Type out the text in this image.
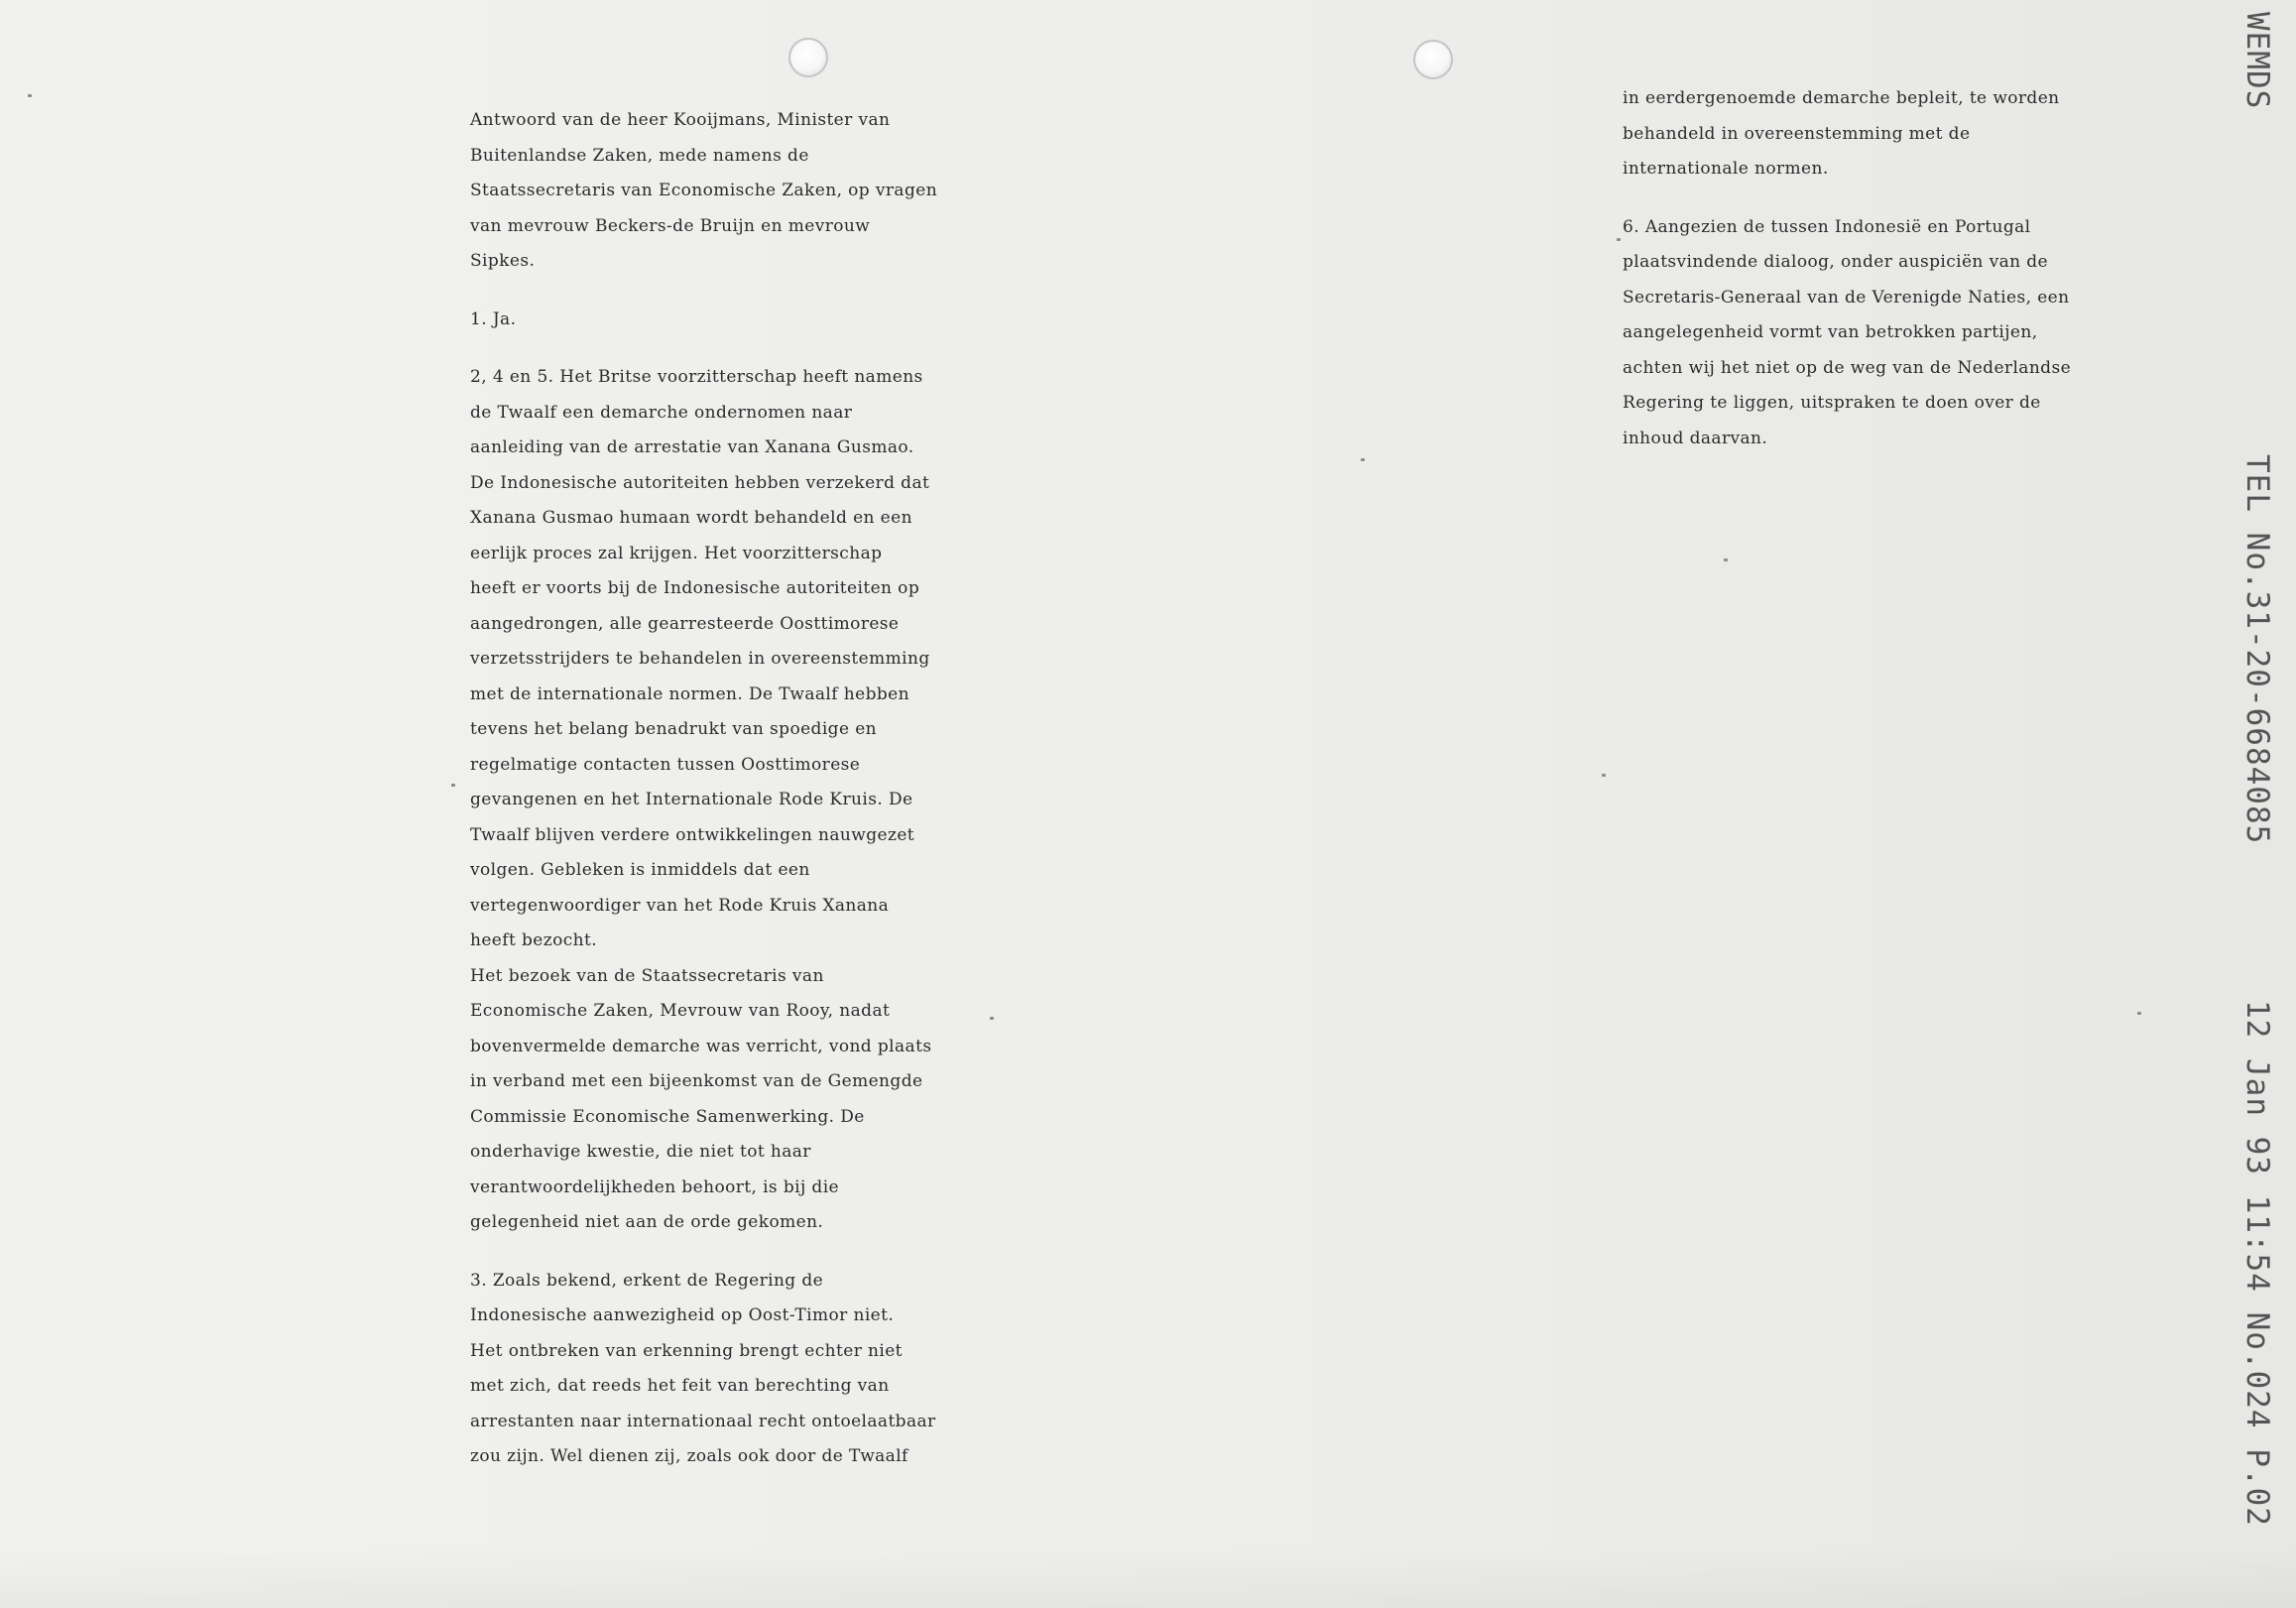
Antwoord van de heer Kooijmans, Minister van
Buitenlandse Zaken, mede namens de
Staatssecretaris van Economische Zaken, op vragen
van mevrouw Beckers-de Bruijn en mevrouw
Sipkes.
1. Ja.
2, 4 en 5. Het Britse voorzitterschap heeft namens
de Twaalf een demarche ondernomen naar
aanleiding van de arrestatie van Xanana Gusmao.
De Indonesische autoriteiten hebben verzekerd dat
Xanana Gusmao humaan wordt behandeld en een
eerlijk proces zal krijgen. Het voorzitterschap
heeft er voorts bij de Indonesische autoriteiten op
aangedrongen, alle gearresteerde Oosttimorese
verzetsstrijders te behandelen in overeenstemming
met de internationale normen. De Twaalf hebben
tevens het belang benadrukt van spoedige en
regelmatige contacten tussen Oosttimorese
gevangenen en het Internationale Rode Kruis. De
Twaalf blijven verdere ontwikkelingen nauwgezet
volgen. Gebleken is inmiddels dat een
vertegenwoordiger van het Rode Kruis Xanana
heeft bezocht.
Het bezoek van de Staatssecretaris van
Economische Zaken, Mevrouw van Rooy, nadat
bovenvermelde demarche was verricht, vond plaats
in verband met een bijeenkomst van de Gemengde
Commissie Economische Samenwerking. De
onderhavige kwestie, die niet tot haar
verantwoordelijkheden behoort, is bij die
gelegenheid niet aan de orde gekomen.
3. Zoals bekend, erkent de Regering de
Indonesische aanwezigheid op Oost-Timor niet.
Het ontbreken van erkenning brengt echter niet
met zich, dat reeds het feit van berechting van
arrestanten naar internationaal recht ontoelaatbaar
zou zijn. Wel dienen zij, zoals ook door de Twaalf
in eerdergenoemde demarche bepleit, te worden
behandeld in overeenstemming met de
internationale normen.
6. Aangezien de tussen Indonesië en Portugal
plaatsvindende dialoog, onder auspiciën van de
Secretaris-Generaal van de Verenigde Naties, een
aangelegenheid vormt van betrokken partijen,
achten wij het niet op de weg van de Nederlandse
Regering te liggen, uitspraken te doen over de
inhoud daarvan.
WEMDS
TEL No.31-20-6684085
12 Jan 93 11:54 No.024 P.02
